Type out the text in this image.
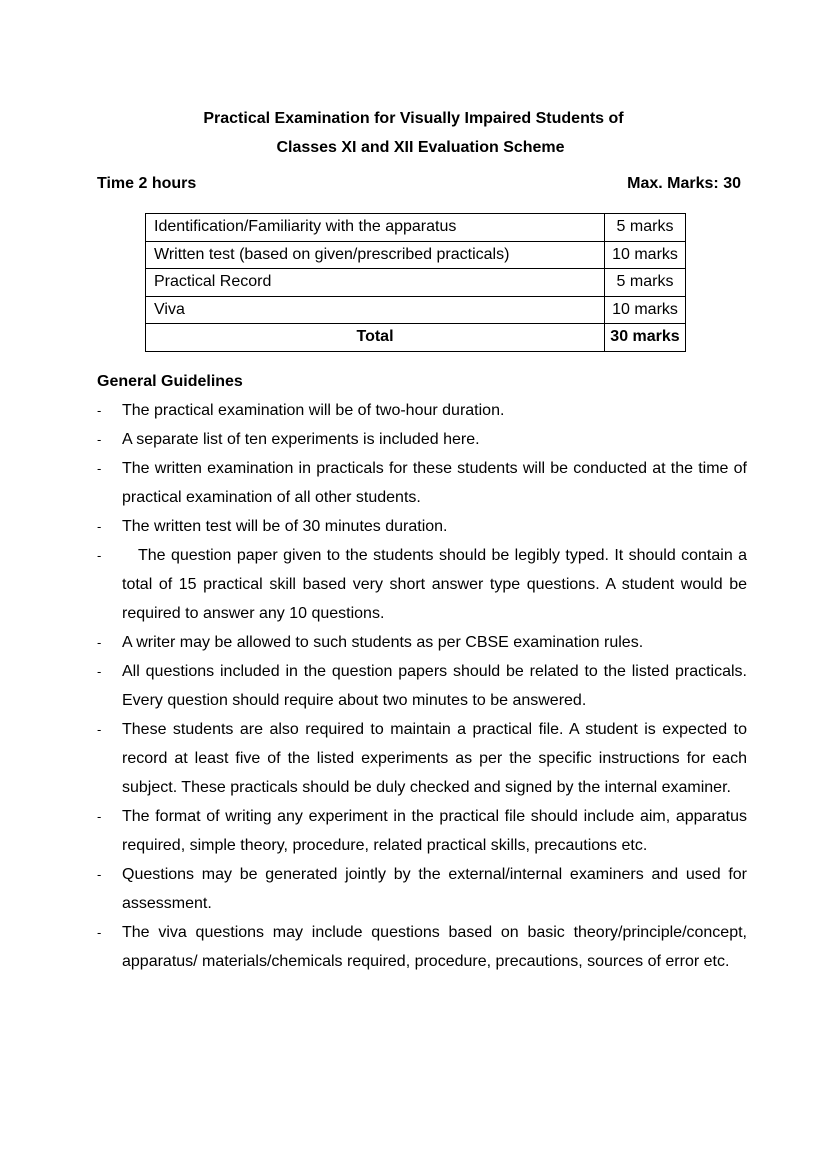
Practical Examination for Visually Impaired Students of
Classes XI and XII Evaluation Scheme
Time 2 hours	Max. Marks: 30
Identification/Familiarity with the apparatus	5 marks
Written test (based on given/prescribed practicals)	10 marks
Practical Record	5 marks
Viva	10 marks
Total	30 marks
General Guidelines
- The practical examination will be of two-hour duration.
- A separate list of ten experiments is included here.
- The written examination in practicals for these students will be conducted at the time of practical examination of all other students.
- The written test will be of 30 minutes duration.
-	The question paper given to the students should be legibly typed. It should contain a total of 15 practical skill based very short answer type questions. A student would be required to answer any 10 questions.
- A writer may be allowed to such students as per CBSE examination rules.
- All questions included in the question papers should be related to the listed practicals. Every question should require about two minutes to be answered.
- These students are also required to maintain a practical file. A student is expected to record at least five of the listed experiments as per the specific instructions for each subject. These practicals should be duly checked and signed by the internal examiner.
- The format of writing any experiment in the practical file should include aim, apparatus required, simple theory, procedure, related practical skills, precautions etc.
- Questions may be generated jointly by the external/internal examiners and used for assessment.
- The viva questions may include questions based on basic theory/principle/concept, apparatus/ materials/chemicals required, procedure, precautions, sources of error etc.
